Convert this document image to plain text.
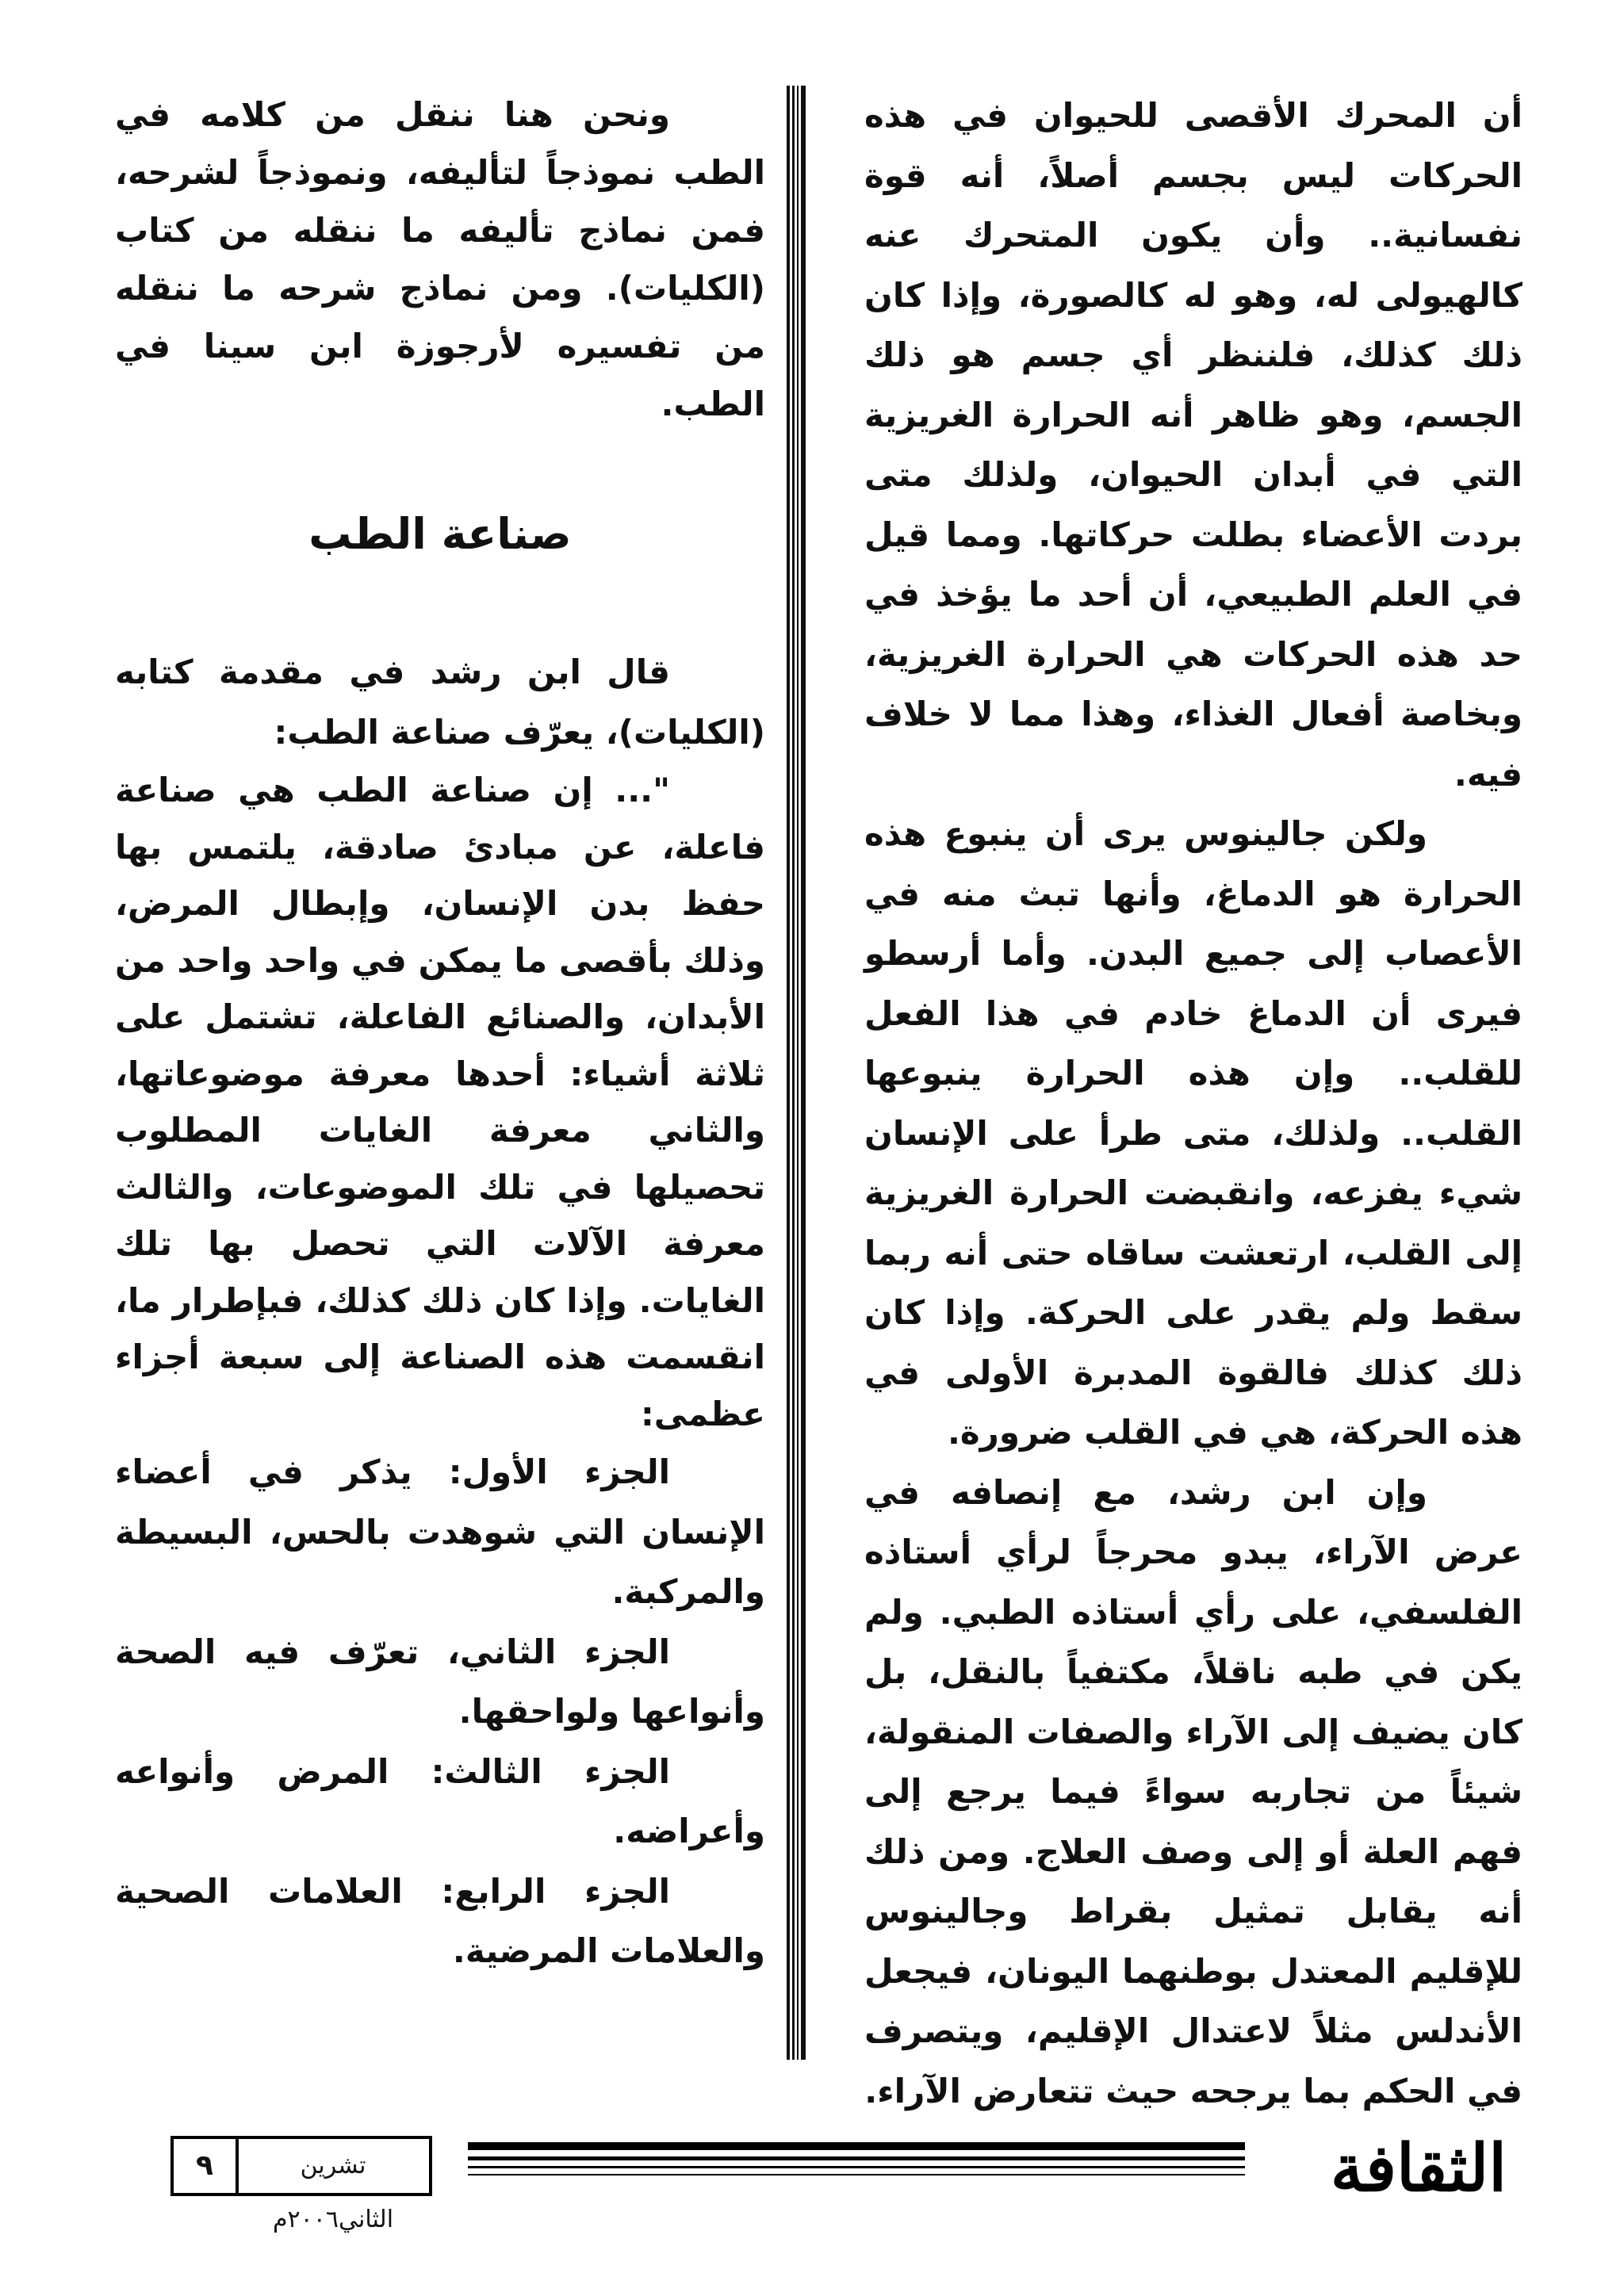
أن المحرك الأقصى للحيوان في هذه الحركات ليس بجسم أصلاً، أنه قوة نفسانية.. وأن يكون المتحرك عنه كالهيولى له، وهو له كالصورة، وإذا كان ذلك كذلك، فلننظر أي جسم هو ذلك الجسم، وهو ظاهر أنه الحرارة الغريزية التي في أبدان الحيوان، ولذلك متى بردت الأعضاء بطلت حركاتها. ومما قيل في العلم الطبيعي، أن أحد ما يؤخذ في حد هذه الحركات هي الحرارة الغريزية، وبخاصة أفعال الغذاء، وهذا مما لا خلاف فيه.

ولكن جالينوس يرى أن ينبوع هذه الحرارة هو الدماغ، وأنها تبث منه في الأعصاب إلى جميع البدن. وأما أرسطو فيرى أن الدماغ خادم في هذا الفعل للقلب.. وإن هذه الحرارة ينبوعها القلب.. ولذلك، متى طرأ على الإنسان شيء يفزعه، وانقبضت الحرارة الغريزية إلى القلب، ارتعشت ساقاه حتى أنه ربما سقط ولم يقدر على الحركة. وإذا كان ذلك كذلك فالقوة المدبرة الأولى في هذه الحركة، هي في القلب ضرورة.

وإن ابن رشد، مع إنصافه في عرض الآراء، يبدو محرجاً لرأي أستاذه الفلسفي، على رأي أستاذه الطبي. ولم يكن في طبه ناقلاً، مكتفياً بالنقل، بل كان يضيف إلى الآراء والصفات المنقولة، شيئاً من تجاربه سواءً فيما يرجع إلى فهم العلة أو إلى وصف العلاج. ومن ذلك أنه يقابل تمثيل بقراط وجالينوس للإقليم المعتدل بوطنهما اليونان، فيجعل الأندلس مثلاً لاعتدال الإقليم، ويتصرف في الحكم بما يرجحه حيث تتعارض الآراء.

ونحن هنا ننقل من كلامه في الطب نموذجاً لتأليفه، ونموذجاً لشرحه، فمن نماذج تأليفه ما ننقله من كتاب (الكليات). ومن نماذج شرحه ما ننقله من تفسيره لأرجوزة ابن سينا في الطب.

صناعة الطب

قال ابن رشد في مقدمة كتابه (الكليات)، يعرّف صناعة الطب:

"... إن صناعة الطب هي صناعة فاعلة، عن مبادئ صادقة، يلتمس بها حفظ بدن الإنسان، وإبطال المرض، وذلك بأقصى ما يمكن في واحد واحد من الأبدان، والصنائع الفاعلة، تشتمل على ثلاثة أشياء: أحدها معرفة موضوعاتها، والثاني معرفة الغايات المطلوب تحصيلها في تلك الموضوعات، والثالث معرفة الآلات التي تحصل بها تلك الغايات. وإذا كان ذلك كذلك، فبإطرار ما، انقسمت هذه الصناعة إلى سبعة أجزاء عظمى:

الجزء الأول: يذكر في أعضاء الإنسان التي شوهدت بالحس، البسيطة والمركبة.

الجزء الثاني، تعرّف فيه الصحة وأنواعها ولواحقها.

الجزء الثالث: المرض وأنواعه وأعراضه.

الجزء الرابع: العلامات الصحية والعلامات المرضية.

الثقافة
تشرين الثاني٢٠٠٦م
٩
